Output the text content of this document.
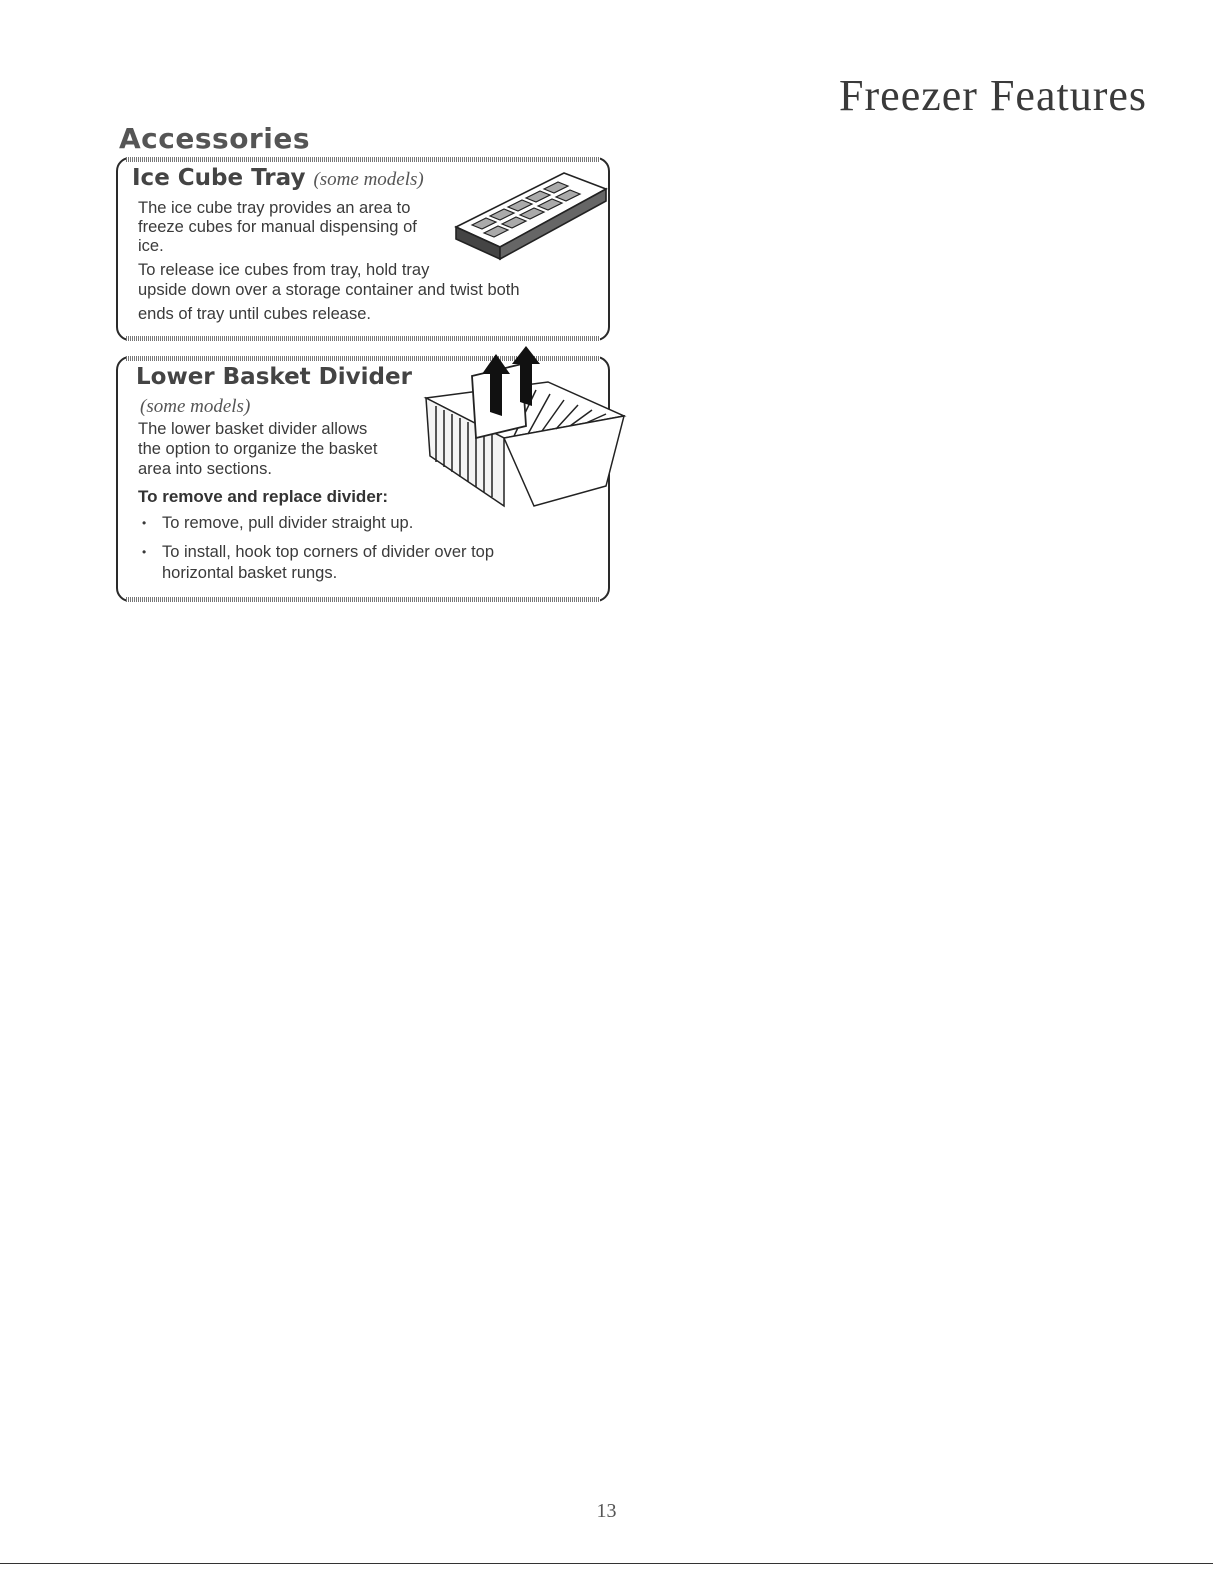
Freezer Features
Accessories
Ice Cube Tray (some models)

The ice cube tray provides an area to

freeze cubes for manual dispensing of

ice.

To release ice cubes from tray, hold tray

upside down over a storage container and twist both

ends of tray until cubes release.

Lower Basket Divider

(some models)

The lower basket divider allows

the option to organize the basket

area into sections.

To remove and replace divider:

• To remove, pull divider straight up.
• To install, hook top corners of divider over top
horizontal basket rungs.

13
